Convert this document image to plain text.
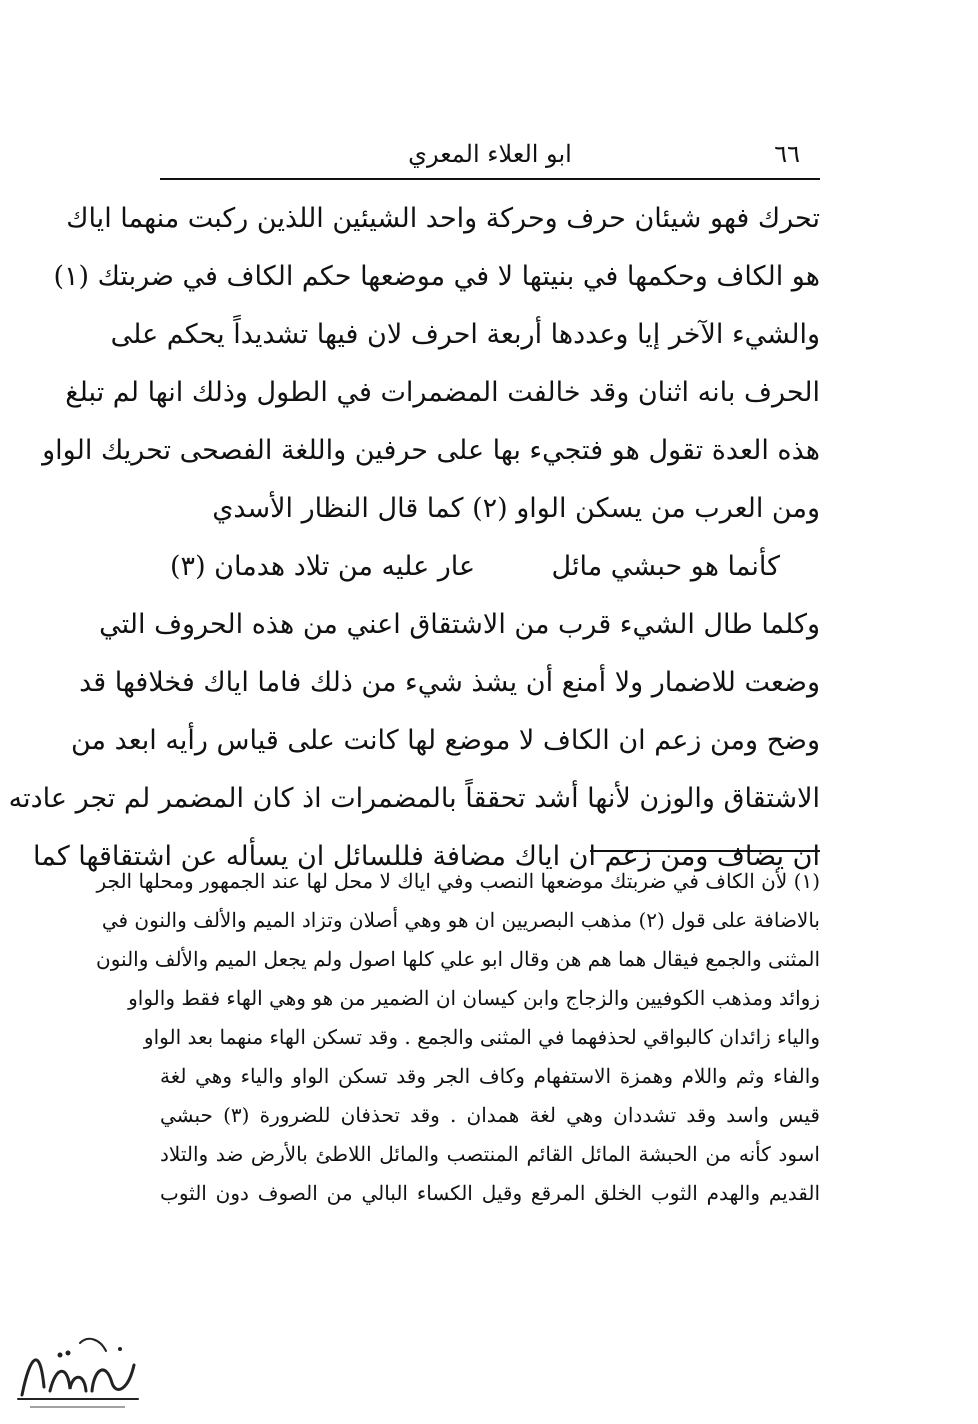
٦٦
ابو العلاء المعري
تحرك فهو شيئان حرف وحركة واحد الشيئين اللذين ركبت منهما اياك
هو الكاف وحكمها في بنيتها لا في موضعها حكم الكاف في ضربتك (١)
والشيء الآخر إيا وعددها أربعة احرف لان فيها تشديداً يحكم على
الحرف بانه اثنان وقد خالفت المضمرات في الطول وذلك انها لم تبلغ
هذه العدة تقول هو فتجيء بها على حرفين واللغة الفصحى تحريك الواو
ومن العرب من يسكن الواو (٢) كما قال النظار الأسدي
كأنما هو حبشي مائل
عار عليه من تلاد هدمان (٣)
وكلما طال الشيء قرب من الاشتقاق اعني من هذه الحروف التي
وضعت للاضمار ولا أمنع أن يشذ شيء من ذلك فاما اياك فخلافها قد
وضح ومن زعم ان الكاف لا موضع لها كانت على قياس رأيه ابعد من
الاشتقاق والوزن لأنها أشد تحققاً بالمضمرات اذ كان المضمر لم تجر عادته
ان يضاف ومن زعم ان اياك مضافة فللسائل ان يسأله عن اشتقاقها كما
(١) لأن الكاف في ضربتك موضعها النصب وفي اياك لا محل لها عند الجمهور ومحلها الجر
بالاضافة على قول (٢) مذهب البصريين ان هو وهي أصلان وتزاد الميم والألف والنون في
المثنى والجمع فيقال هما هم هن وقال ابو علي كلها اصول ولم يجعل الميم والألف والنون
زوائد ومذهب الكوفيين والزجاج وابن كيسان ان الضمير من هو وهي الهاء فقط والواو
والياء زائدان كالبواقي لحذفهما في المثنى والجمع . وقد تسكن الهاء منهما بعد الواو
والفاء وثم واللام وهمزة الاستفهام وكاف الجر وقد تسكن الواو والياء وهي لغة
قيس واسد وقد تشددان وهي لغة همدان . وقد تحذفان للضرورة (٣) حبشي
اسود كأنه من الحبشة المائل القائم المنتصب والمائل اللاطئ بالأرض ضد والتلاد
القديم والهدم الثوب الخلق المرقع وقيل الكساء البالي من الصوف دون الثوب
